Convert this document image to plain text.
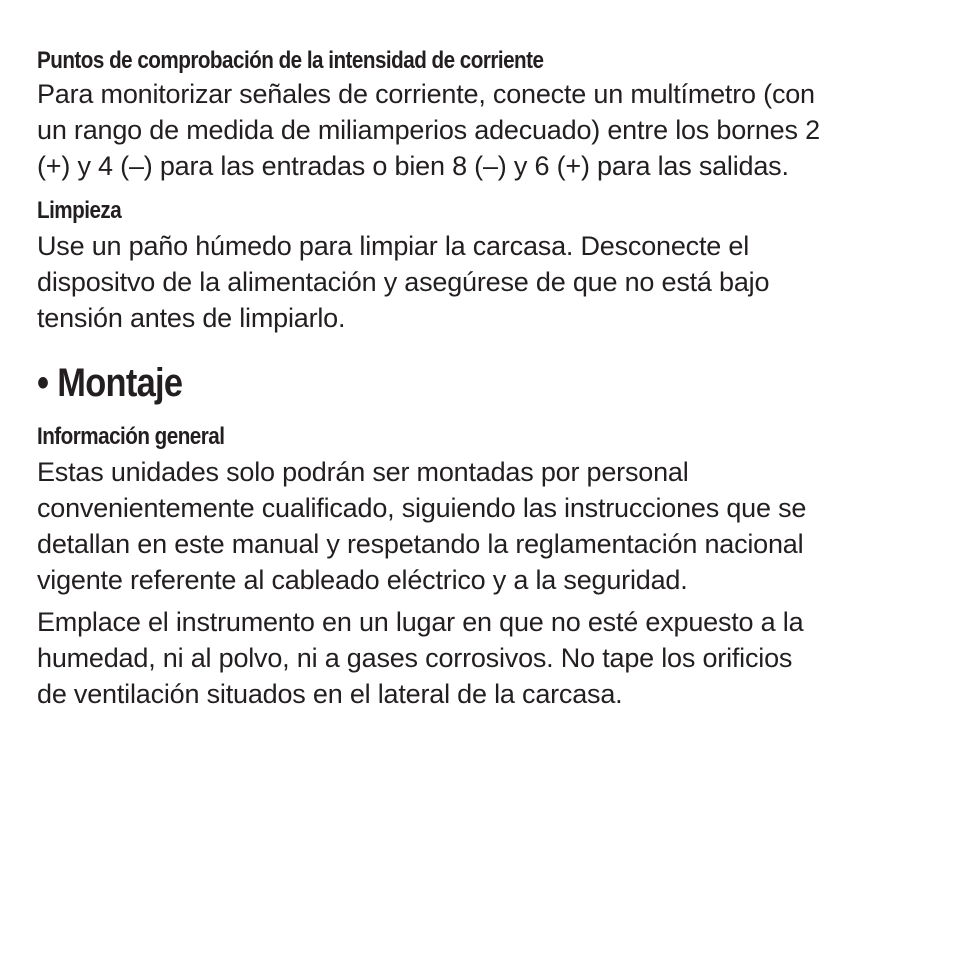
Puntos de comprobación de la intensidad de corriente

Para monitorizar señales de corriente, conecte un multímetro (con
un rango de medida de miliamperios adecuado) entre los bornes 2
(+) y 4 (–) para las entradas o bien 8 (–) y 6 (+) para las salidas.

Limpieza

Use un paño húmedo para limpiar la carcasa. Desconecte el
dispositvo de la alimentación y asegúrese de que no está bajo
tensión antes de limpiarlo.

• Montaje
Información general

Estas unidades solo podrán ser montadas por personal
convenientemente cualificado, siguiendo las instrucciones que se
detallan en este manual y respetando la reglamentación nacional
vigente referente al cableado eléctrico y a la seguridad.

Emplace el instrumento en un lugar en que no esté expuesto a la
humedad, ni al polvo, ni a gases corrosivos. No tape los orificios
de ventilación situados en el lateral de la carcasa.
